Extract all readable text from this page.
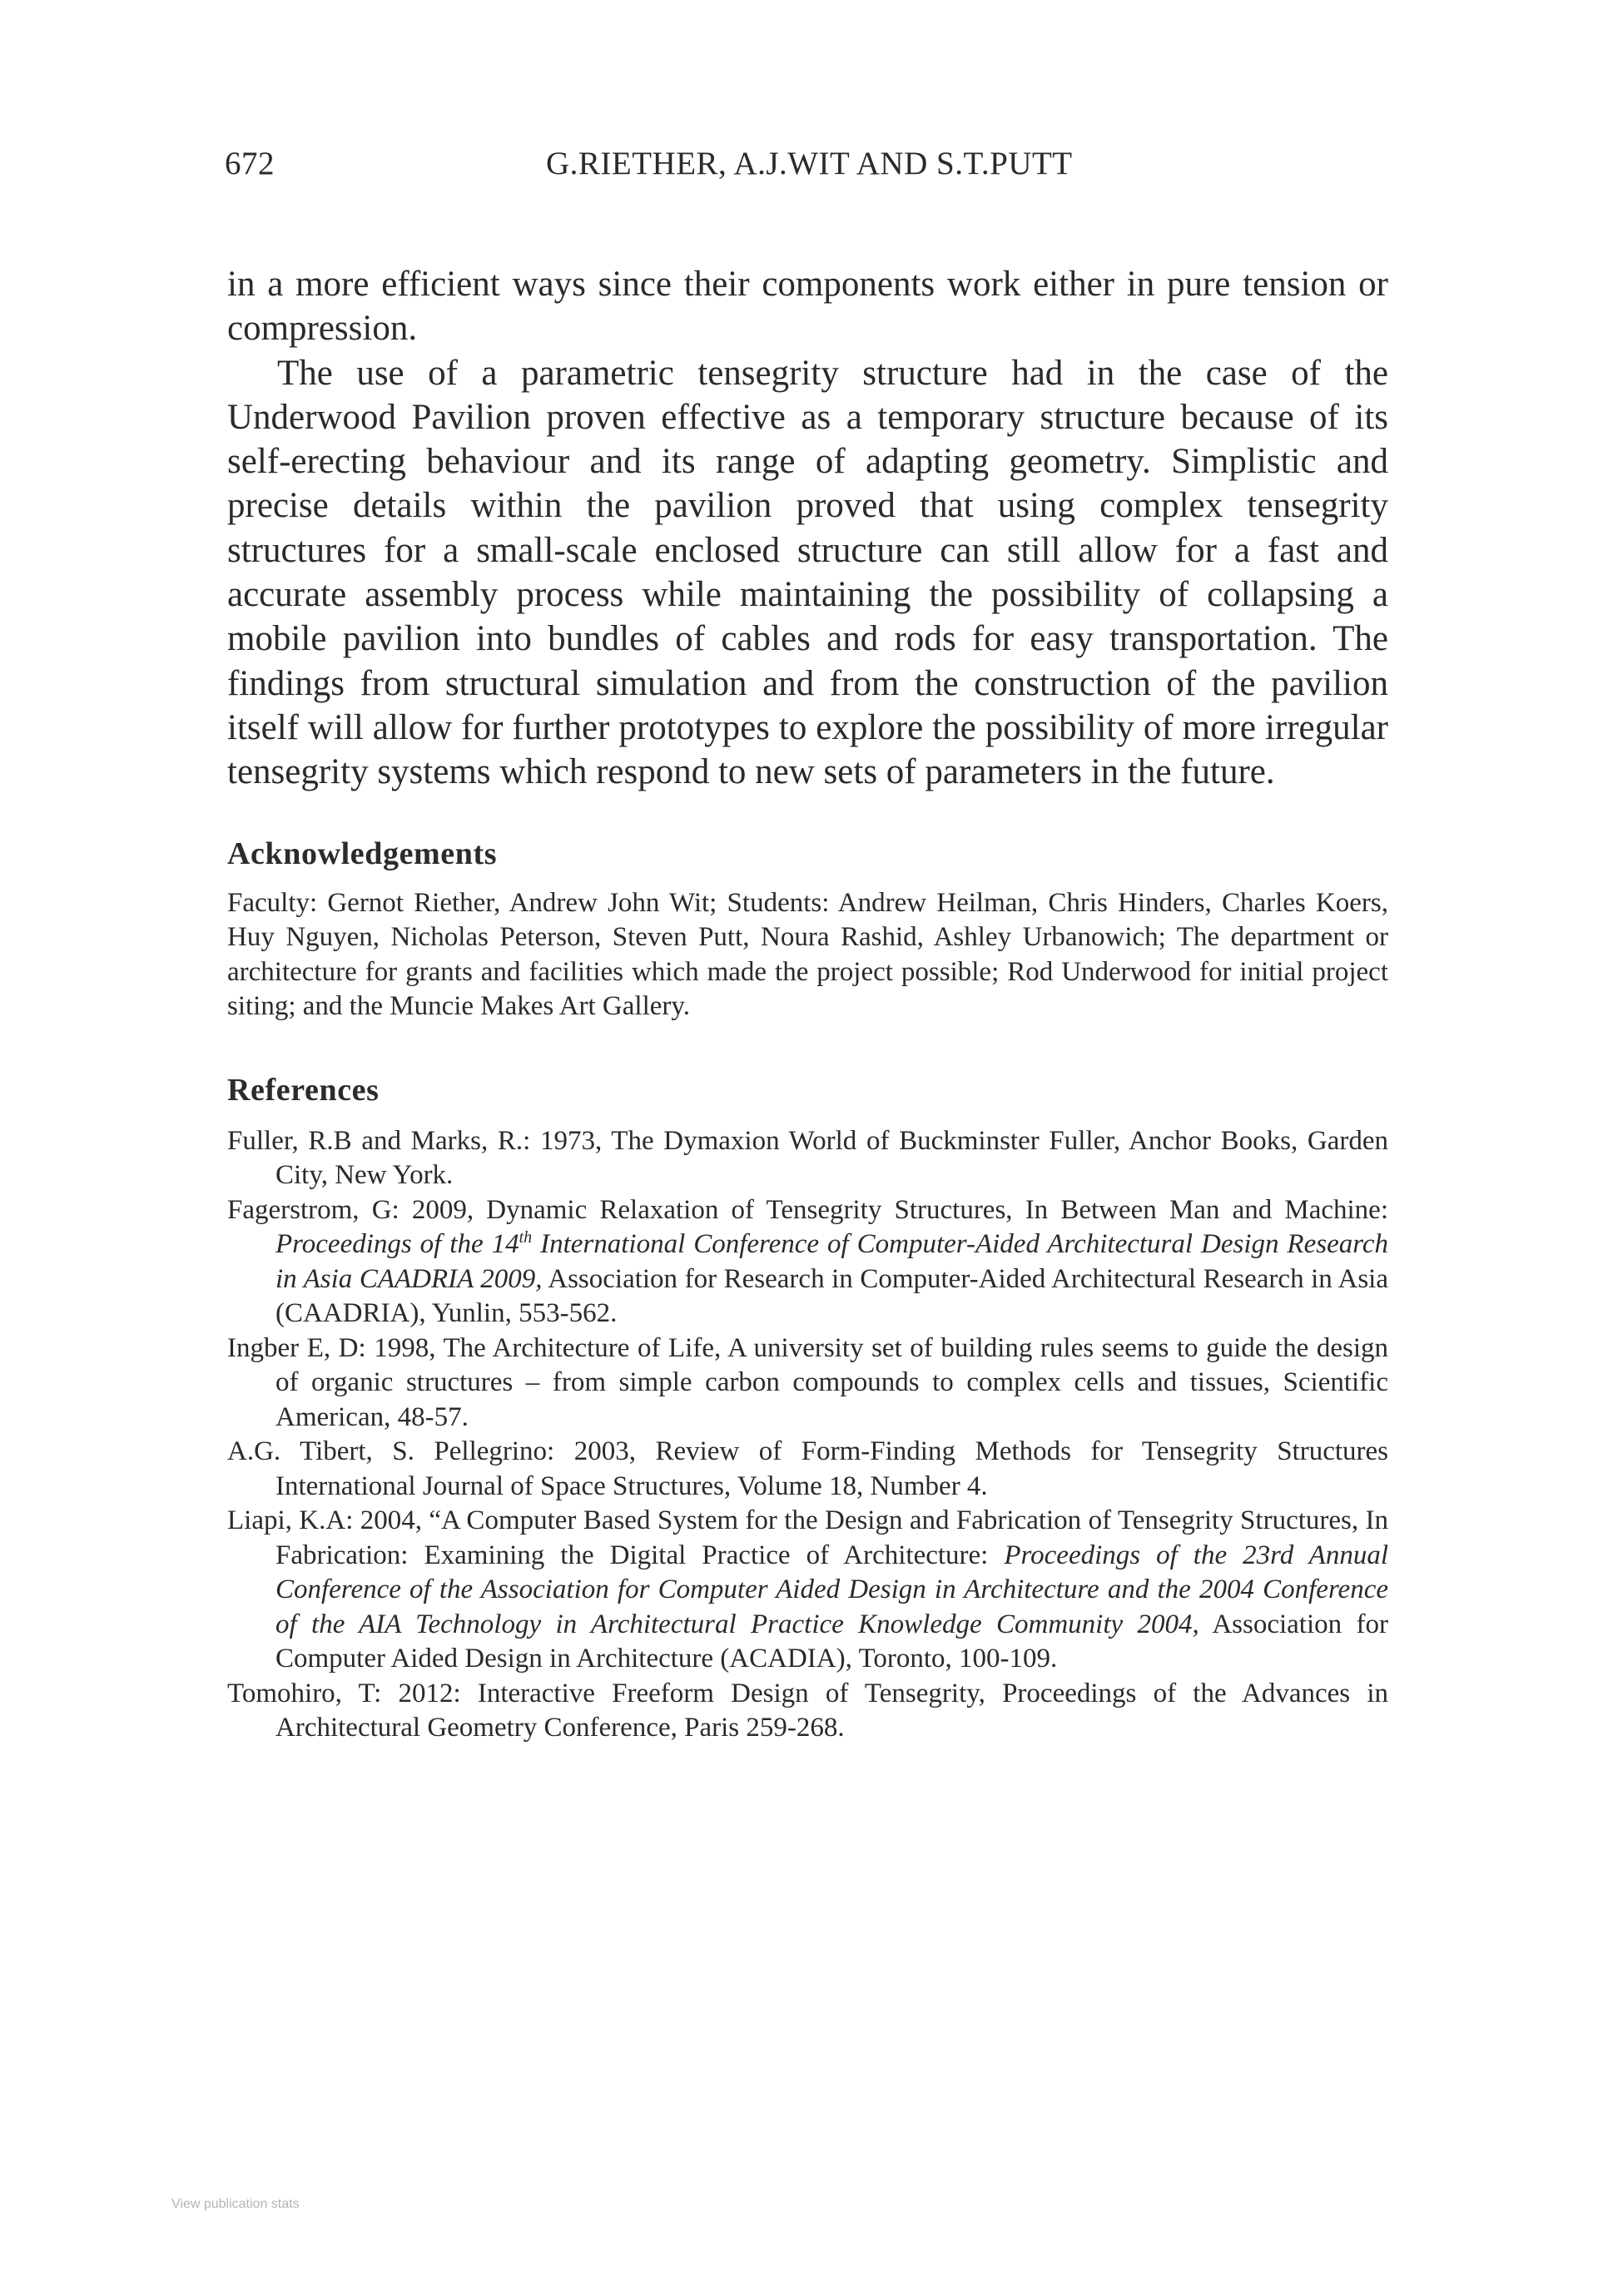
672	G.RIETHER, A.J.WIT AND S.T.PUTT

in a more efficient ways since their components work either in pure tension or compression.

The use of a parametric tensegrity structure had in the case of the Underwood Pavilion proven effective as a temporary structure because of its self-erecting behaviour and its range of adapting geometry. Simplistic and precise details within the pavilion proved that using complex tensegrity structures for a small-scale enclosed structure can still allow for a fast and accurate assembly process while maintaining the possibility of collapsing a mobile pavilion into bundles of cables and rods for easy transportation. The findings from structural simulation and from the construction of the pavilion itself will allow for further prototypes to explore the possibility of more irregular tensegrity systems which respond to new sets of parameters in the future.

Acknowledgements

Faculty: Gernot Riether, Andrew John Wit; Students: Andrew Heilman, Chris Hinders, Charles Koers, Huy Nguyen, Nicholas Peterson, Steven Putt, Noura Rashid, Ashley Urbanowich; The department or architecture for grants and facilities which made the project possible; Rod Underwood for initial project siting; and the Muncie Makes Art Gallery.

References
Fuller, R.B and Marks, R.: 1973, The Dymaxion World of Buckminster Fuller, Anchor Books, Garden City, New York.
Fagerstrom, G: 2009, Dynamic Relaxation of Tensegrity Structures, In Between Man and Machine: Proceedings of the 14th International Conference of Computer-Aided Architectural Design Research in Asia CAADRIA 2009, Association for Research in Computer-Aided Architectural Research in Asia (CAADRIA), Yunlin, 553-562.
Ingber E, D: 1998, The Architecture of Life, A university set of building rules seems to guide the design of organic structures – from simple carbon compounds to complex cells and tissues, Scientific American, 48-57.
A.G. Tibert, S. Pellegrino: 2003, Review of Form-Finding Methods for Tensegrity Structures International Journal of Space Structures, Volume 18, Number 4.
Liapi, K.A: 2004, “A Computer Based System for the Design and Fabrication of Tensegrity Structures, In Fabrication: Examining the Digital Practice of Architecture: Proceedings of the 23rd Annual Conference of the Association for Computer Aided Design in Architecture and the 2004 Conference of the AIA Technology in Architectural Practice Knowledge Community 2004, Association for Computer Aided Design in Architecture (ACADIA), Toronto, 100-109.
Tomohiro, T: 2012: Interactive Freeform Design of Tensegrity, Proceedings of the Advances in Architectural Geometry Conference, Paris 259-268.
View publication stats
